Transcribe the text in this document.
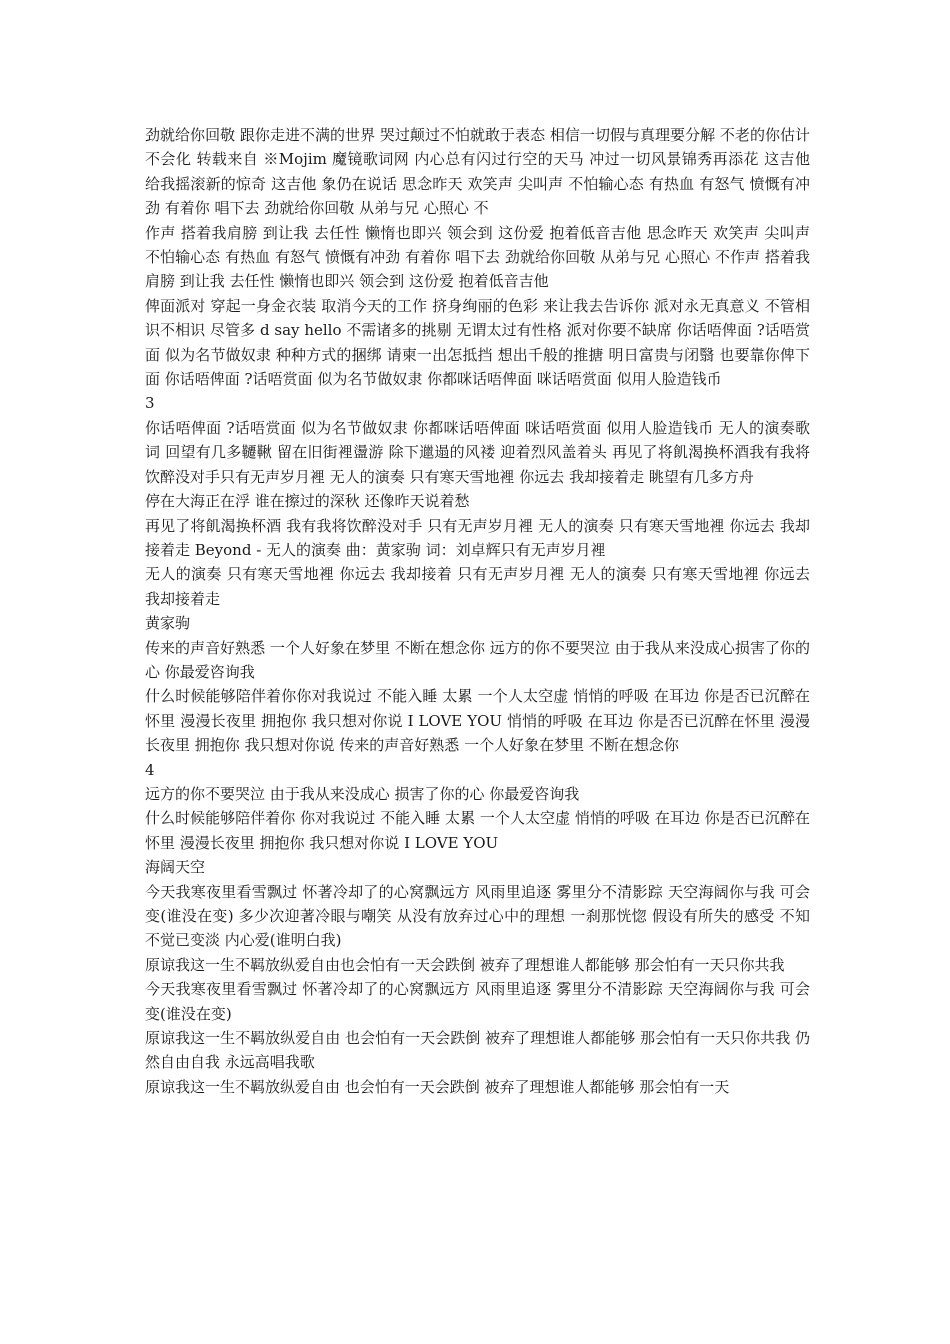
劲就给你回敬 跟你走进不满的世界 哭过颠过不怕就敢于表态 相信一切假与真理要分解 不老的你估计不会化 转载来自 ※Mojim 魔镜歌词网 内心总有闪过行空的天马 冲过一切风景锦秀再添花 这吉他 给我摇滚新的惊奇 这吉他 象仍在说话 思念昨天 欢笑声 尖叫声 不怕输心态 有热血 有怒气 愤慨有冲劲 有着你 唱下去 劲就给你回敬 从弟与兄 心照心 不

作声 搭着我肩膀 到让我 去任性 懒惰也即兴 领会到 这份爱 抱着低音吉他 思念昨天 欢笑声 尖叫声 不怕输心态 有热血 有怒气 愤慨有冲劲 有着你 唱下去 劲就给你回敬 从弟与兄 心照心 不作声 搭着我肩膀 到让我 去任性 懒惰也即兴 领会到 这份爱 抱着低音吉他

俾面派对 穿起一身金衣装 取消今天的工作 挤身绚丽的色彩 来让我去告诉你 派对永无真意义 不管相识不相识 尽管多 d say hello 不需诸多的挑剔 无谓太过有性格 派对你要不缺席 你话唔俾面 ?话唔赏面 似为名节做奴隶 种种方式的捆绑 请柬一出怎抵挡 想出千般的推搪 明日富贵与闭翳 也要靠你俾下面 你话唔俾面 ?话唔赏面 似为名节做奴隶 你都咪话唔俾面 咪话唔赏面 似用人脸造钱币

3

你话唔俾面 ?话唔赏面 似为名节做奴隶 你都咪话唔俾面 咪话唔赏面 似用人脸造钱币 无人的演奏歌词 回望有几多韆鞦 留在旧街裡盪游 除下邋遢的风褛 迎着烈风盖着头 再见了将飢渴换杯酒我有我将饮醉没对手只有无声岁月裡 无人的演奏 只有寒天雪地裡 你远去 我却接着走 眺望有几多方舟

停在大海正在浮 谁在擦过的深秋 还像昨天说着愁

再见了将飢渴换杯酒 我有我将饮醉没对手 只有无声岁月裡 无人的演奏 只有寒天雪地裡 你远去 我却接着走 Beyond - 无人的演奏 曲：黄家驹 词：刘卓辉只有无声岁月裡

无人的演奏 只有寒天雪地裡 你远去 我却接着 只有无声岁月裡 无人的演奏 只有寒天雪地裡 你远去 我却接着走

黄家驹

传来的声音好熟悉 一个人好象在梦里 不断在想念你 远方的你不要哭泣 由于我从来没成心损害了你的心 你最爱咨询我

什么时候能够陪伴着你你对我说过 不能入睡 太累 一个人太空虚 悄悄的呼吸 在耳边 你是否已沉醉在怀里 漫漫长夜里 拥抱你 我只想对你说 I LOVE YOU 悄悄的呼吸 在耳边 你是否已沉醉在怀里 漫漫长夜里 拥抱你 我只想对你说 传来的声音好熟悉 一个人好象在梦里 不断在想念你

4

远方的你不要哭泣 由于我从来没成心 损害了你的心 你最爱咨询我

什么时候能够陪伴着你 你对我说过 不能入睡 太累 一个人太空虚 悄悄的呼吸 在耳边 你是否已沉醉在怀里 漫漫长夜里 拥抱你 我只想对你说 I LOVE YOU

海阔天空

今天我寒夜里看雪飘过 怀著冷却了的心窝飘远方 风雨里追逐 雾里分不清影踪 天空海阔你与我 可会变(谁没在变) 多少次迎著冷眼与嘲笑 从没有放弃过心中的理想 一刹那恍惚 假设有所失的感受 不知不觉已变淡 内心爱(谁明白我)

原谅我这一生不羁放纵爱自由也会怕有一天会跌倒 被弃了理想谁人都能够 那会怕有一天只你共我

今天我寒夜里看雪飘过 怀著冷却了的心窝飘远方 风雨里追逐 雾里分不清影踪 天空海阔你与我 可会变(谁没在变)

原谅我这一生不羁放纵爱自由 也会怕有一天会跌倒 被弃了理想谁人都能够 那会怕有一天只你共我 仍然自由自我 永远高唱我歌

原谅我这一生不羁放纵爱自由 也会怕有一天会跌倒 被弃了理想谁人都能够 那会怕有一天
